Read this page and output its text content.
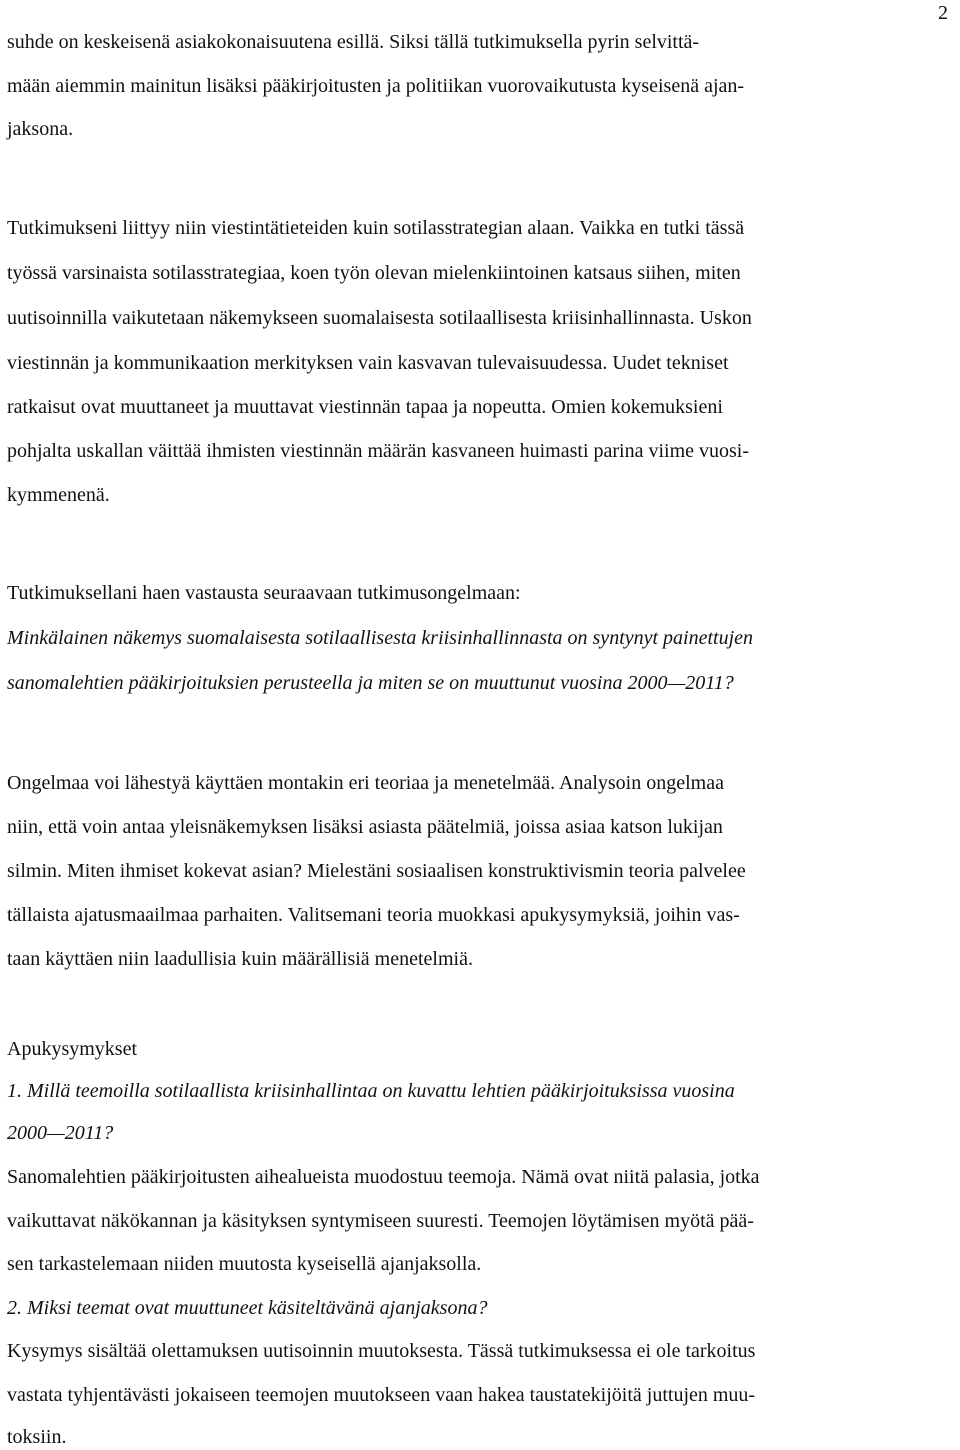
2
suhde on keskeisenä asiakokonaisuutena esillä. Siksi tällä tutkimuksella pyrin selvittä-
mään aiemmin mainitun lisäksi pääkirjoitusten ja politiikan vuorovaikutusta kyseisenä ajan-
jaksona.
Tutkimukseni liittyy niin viestintätieteiden kuin sotilasstrategian alaan. Vaikka en tutki tässä
työssä varsinaista sotilasstrategiaa, koen työn olevan mielenkiintoinen katsaus siihen, miten
uutisoinnilla vaikutetaan näkemykseen suomalaisesta sotilaallisesta kriisinhallinnasta. Uskon
viestinnän ja kommunikaation merkityksen vain kasvavan tulevaisuudessa. Uudet tekniset
ratkaisut ovat muuttaneet ja muuttavat viestinnän tapaa ja nopeutta. Omien kokemuksieni
pohjalta uskallan väittää ihmisten viestinnän määrän kasvaneen huimasti parina viime vuosi-
kymmenenä.
Tutkimuksellani haen vastausta seuraavaan tutkimusongelmaan:
Minkälainen näkemys suomalaisesta sotilaallisesta kriisinhallinnasta on syntynyt painettujen
sanomalehtien pääkirjoituksien perusteella ja miten se on muuttunut vuosina 2000—2011?
Ongelmaa voi lähestyä käyttäen montakin eri teoriaa ja menetelmää. Analysoin ongelmaa
niin, että voin antaa yleisnäkemyksen lisäksi asiasta päätelmiä, joissa asiaa katson lukijan
silmin. Miten ihmiset kokevat asian? Mielestäni sosiaalisen konstruktivismin teoria palvelee
tällaista ajatusmaailmaa parhaiten. Valitsemani teoria muokkasi apukysymyksiä, joihin vas-
taan käyttäen niin laadullisia kuin määrällisiä menetelmiä.
Apukysymykset
1. Millä teemoilla sotilaallista kriisinhallintaa on kuvattu lehtien pääkirjoituksissa vuosina
2000—2011?
Sanomalehtien pääkirjoitusten aihealueista muodostuu teemoja. Nämä ovat niitä palasia, jotka
vaikuttavat näkökannan ja käsityksen syntymiseen suuresti. Teemojen löytämisen myötä pää-
sen tarkastelemaan niiden muutosta kyseisellä ajanjaksolla.
2. Miksi teemat ovat muuttuneet käsiteltävänä ajanjaksona?
Kysymys sisältää olettamuksen uutisoinnin muutoksesta. Tässä tutkimuksessa ei ole tarkoitus
vastata tyhjentävästi jokaiseen teemojen muutokseen vaan hakea taustatekijöitä juttujen muu-
toksiin.
